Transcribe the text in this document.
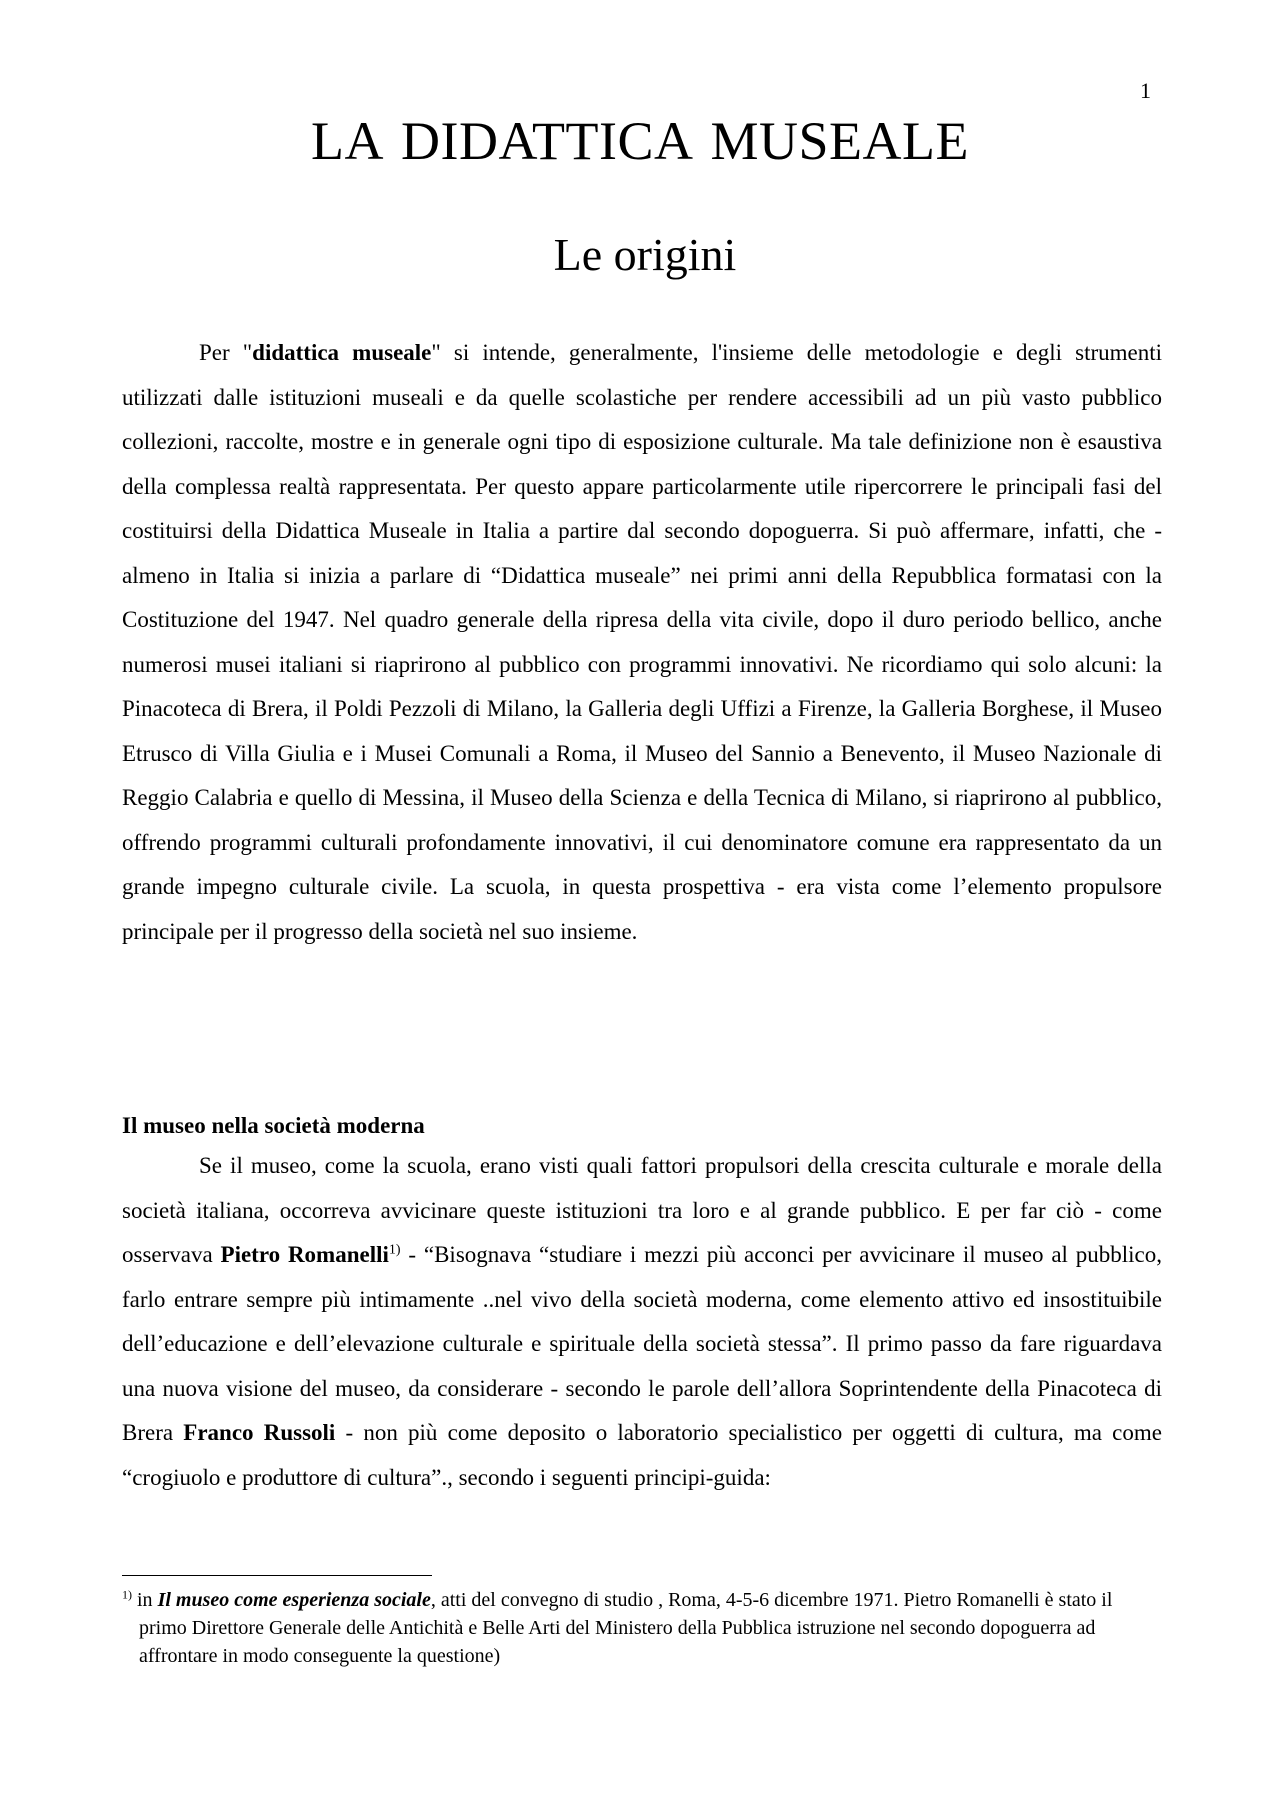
1
LA DIDATTICA MUSEALE
Le origini

Per "didattica museale" si intende, generalmente, l'insieme delle metodologie e degli strumenti utilizzati dalle istituzioni museali e da quelle scolastiche per rendere accessibili ad un più vasto pubblico collezioni, raccolte, mostre e in generale ogni tipo di esposizione culturale. Ma tale definizione non è esaustiva della complessa realtà rappresentata. Per questo appare particolarmente utile ripercorrere le principali fasi del costituirsi della Didattica Museale in Italia a partire dal secondo dopoguerra. Si può affermare, infatti, che - almeno in Italia si inizia a parlare di “Didattica museale” nei primi anni della Repubblica formatasi con la Costituzione del 1947. Nel quadro generale della ripresa della vita civile, dopo il duro periodo bellico, anche numerosi musei italiani si riaprirono al pubblico con programmi innovativi. Ne ricordiamo qui solo alcuni: la Pinacoteca di Brera, il Poldi Pezzoli di Milano, la Galleria degli Uffizi a Firenze, la Galleria Borghese, il Museo Etrusco di Villa Giulia e i Musei Comunali a Roma, il Museo del Sannio a Benevento, il Museo Nazionale di Reggio Calabria e quello di Messina, il Museo della Scienza e della Tecnica di Milano, si riaprirono al pubblico, offrendo programmi culturali profondamente innovativi, il cui denominatore comune era rappresentato da un grande impegno culturale civile. La scuola, in questa prospettiva - era vista come l’elemento propulsore principale per il progresso della società nel suo insieme.

Il museo nella società moderna

Se il museo, come la scuola, erano visti quali fattori propulsori della crescita culturale e morale della società italiana, occorreva avvicinare queste istituzioni tra loro e al grande pubblico. E per far ciò - come osservava Pietro Romanelli$^{1)}$ - “Bisognava “studiare i mezzi più acconci per avvicinare il museo al pubblico, farlo entrare sempre più intimamente ..nel vivo della società moderna, come elemento attivo ed insostituibile dell’educazione e dell’elevazione culturale e spirituale della società stessa”. Il primo passo da fare riguardava una nuova visione del museo, da considerare - secondo le parole dell’allora Soprintendente della Pinacoteca di Brera Franco Russoli - non più come deposito o laboratorio specialistico per oggetti di cultura, ma come “crogiuolo e produttore di cultura”., secondo i seguenti principi-guida:

$^{1)}$ in Il museo come esperienza sociale, atti del convegno di studio , Roma, 4-5-6 dicembre 1971. Pietro Romanelli è stato il primo Direttore Generale delle Antichità e Belle Arti del Ministero della Pubblica istruzione nel secondo dopoguerra ad affrontare in modo conseguente la questione)
